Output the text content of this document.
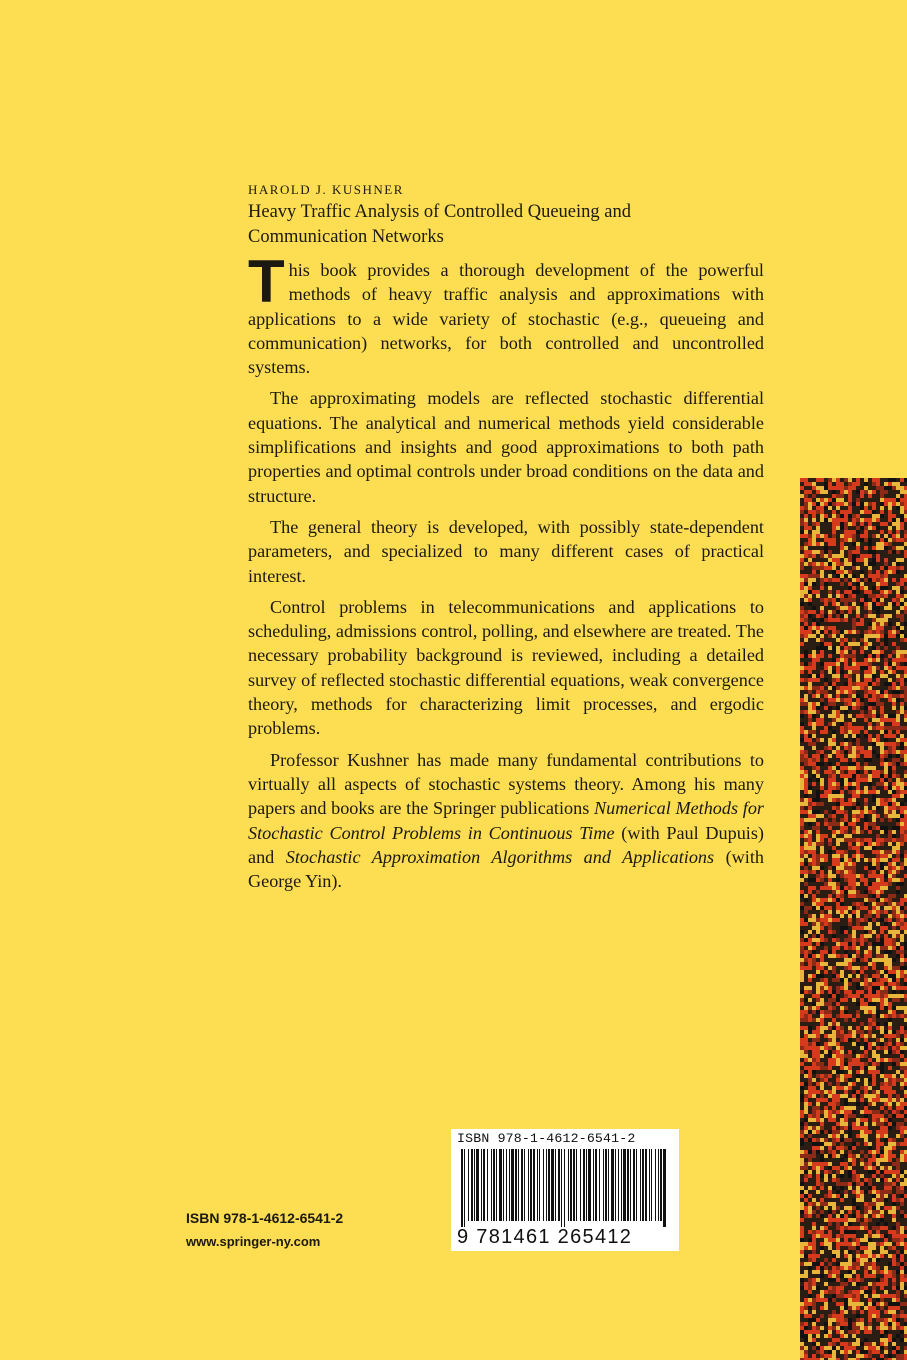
HAROLD J. KUSHNER
Heavy Traffic Analysis of Controlled Queueing and Communication Networks

This book provides a thorough development of the powerful methods of heavy traffic analysis and approximations with applications to a wide variety of stochastic (e.g., queueing and communication) networks, for both controlled and uncontrolled systems.

The approximating models are reflected stochastic differential equations. The analytical and numerical methods yield considerable simplifications and insights and good approximations to both path properties and optimal controls under broad conditions on the data and structure.

The general theory is developed, with possibly state-dependent parameters, and specialized to many different cases of practical interest.

Control problems in telecommunications and applications to scheduling, admissions control, polling, and elsewhere are treated. The necessary probability background is reviewed, including a detailed survey of reflected stochastic differential equations, weak convergence theory, methods for characterizing limit processes, and ergodic problems.

Professor Kushner has made many fundamental contributions to virtually all aspects of stochastic systems theory. Among his many papers and books are the Springer publications Numerical Methods for Stochastic Control Problems in Continuous Time (with Paul Dupuis) and Stochastic Approximation Algorithms and Applications (with George Yin).

ISBN 978-1-4612-6541-2
www.springer-ny.com
ISBN 978-1-4612-6541-2
9 781461 265412
